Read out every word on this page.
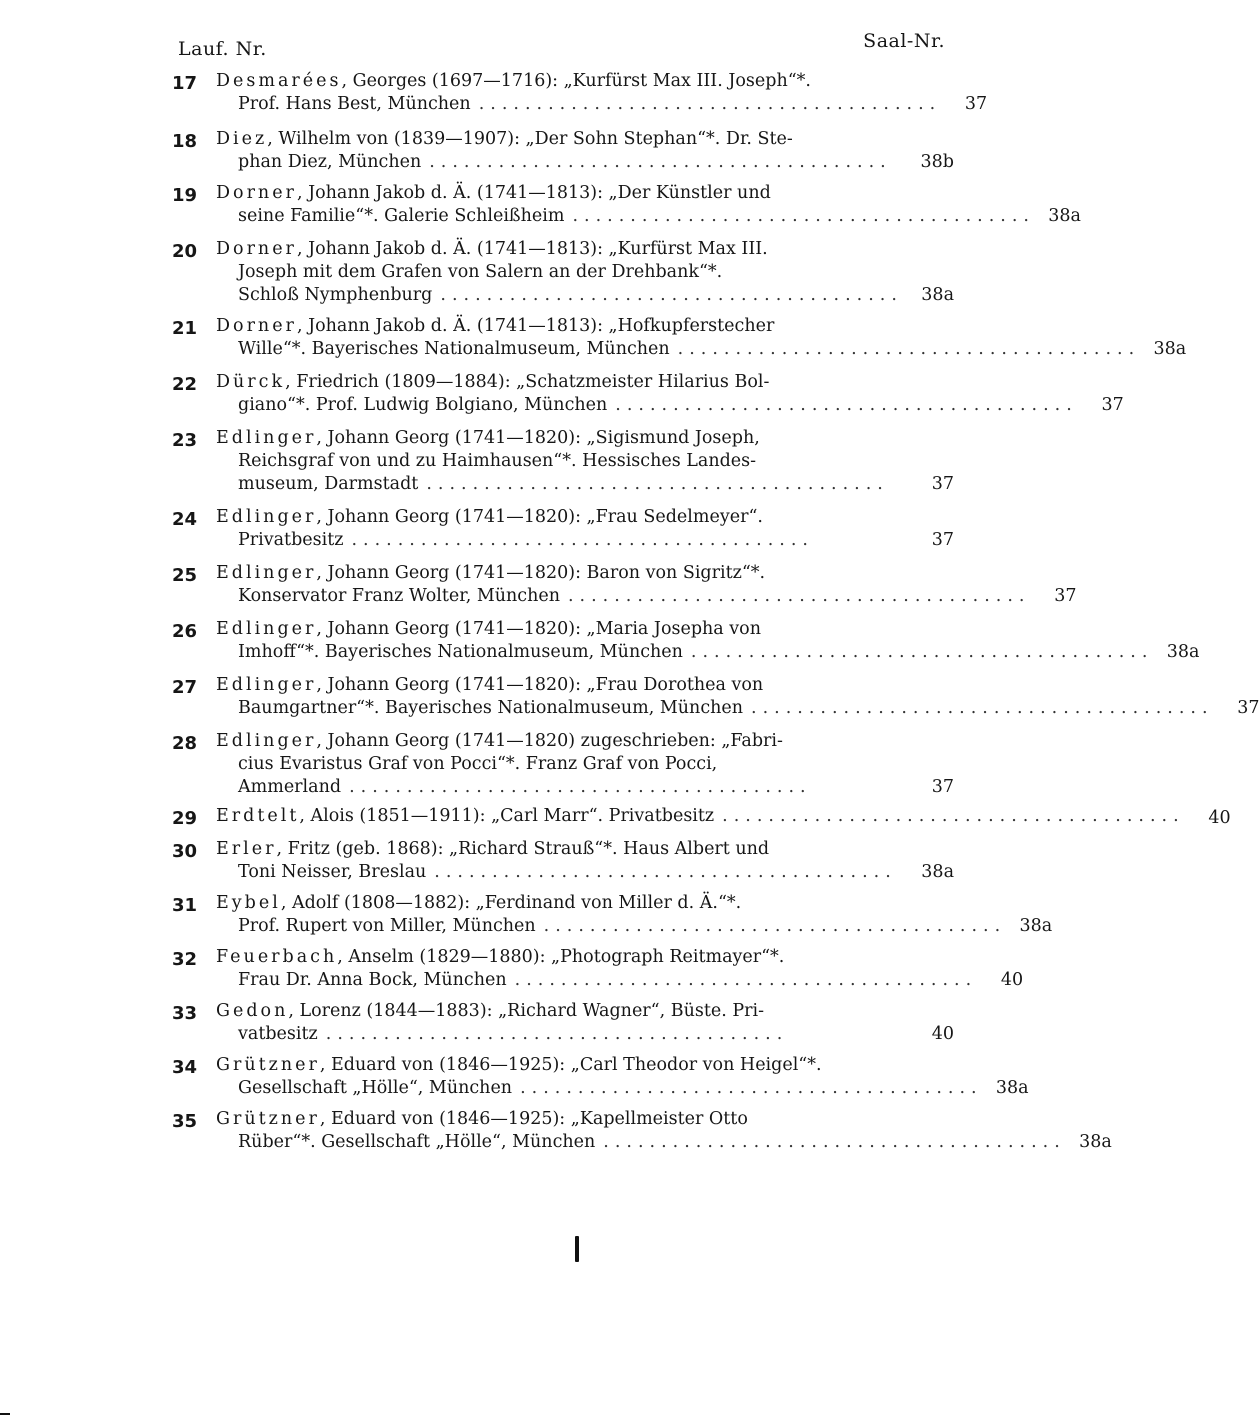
Lauf. Nr.	Saal-Nr.
17	Desmarées, Georges (1697—1716): „Kurfürst Max III. Joseph“*.
Prof. Hans Best, München ........................................	37
18	Diez, Wilhelm von (1839—1907): „Der Sohn Stephan“*. Dr. Ste-
phan Diez, München ........................................	38b
19	Dorner, Johann Jakob d. Ä. (1741—1813): „Der Künstler und
seine Familie“*. Galerie Schleißheim ........................................ 38a
20	Dorner, Johann Jakob d. Ä. (1741—1813): „Kurfürst Max III.
Joseph mit dem Grafen von Salern an der Drehbank“*.
Schloß Nymphenburg ........................................	38a
21	Dorner, Johann Jakob d. Ä. (1741—1813): „Hofkupferstecher
Wille“*. Bayerisches Nationalmuseum, München ........................................ 38a
22	Dürck, Friedrich (1809—1884): „Schatzmeister Hilarius Bol-
giano“*. Prof. Ludwig Bolgiano, München ........................................	37
23	Edlinger, Johann Georg (1741—1820): „Sigismund Joseph,
Reichsgraf von und zu Haimhausen“*. Hessisches Landes-
museum, Darmstadt ........................................	37
24	Edlinger, Johann Georg (1741—1820): „Frau Sedelmeyer“.
Privatbesitz ........................................	37
25	Edlinger, Johann Georg (1741—1820): Baron von Sigritz“*.
Konservator Franz Wolter, München ........................................	37
26	Edlinger, Johann Georg (1741—1820): „Maria Josepha von
Imhoff“*. Bayerisches Nationalmuseum, München ........................................ 38a
27	Edlinger, Johann Georg (1741—1820): „Frau Dorothea von
Baumgartner“*. Bayerisches Nationalmuseum, München ........................................	37
28	Edlinger, Johann Georg (1741—1820) zugeschrieben: „Fabri-
cius Evaristus Graf von Pocci“*. Franz Graf von Pocci,
Ammerland ........................................	37
29	Erdtelt, Alois (1851—1911): „Carl Marr“. Privatbesitz ........................................	40
30	Erler, Fritz (geb. 1868): „Richard Strauß“*. Haus Albert und
Toni Neisser, Breslau ........................................	38a
31	Eybel, Adolf (1808—1882): „Ferdinand von Miller d. Ä.“*.
Prof. Rupert von Miller, München ........................................ 38a
32	Feuerbach, Anselm (1829—1880): „Photograph Reitmayer“*.
Frau Dr. Anna Bock, München ........................................	40
33	Gedon, Lorenz (1844—1883): „Richard Wagner“, Büste. Pri-
vatbesitz ........................................	40
34	Grützner, Eduard von (1846—1925): „Carl Theodor von Heigel“*.
Gesellschaft „Hölle“, München ........................................ 38a
35	Grützner, Eduard von (1846—1925): „Kapellmeister Otto
Rüber“*. Gesellschaft „Hölle“, München ........................................ 38a
